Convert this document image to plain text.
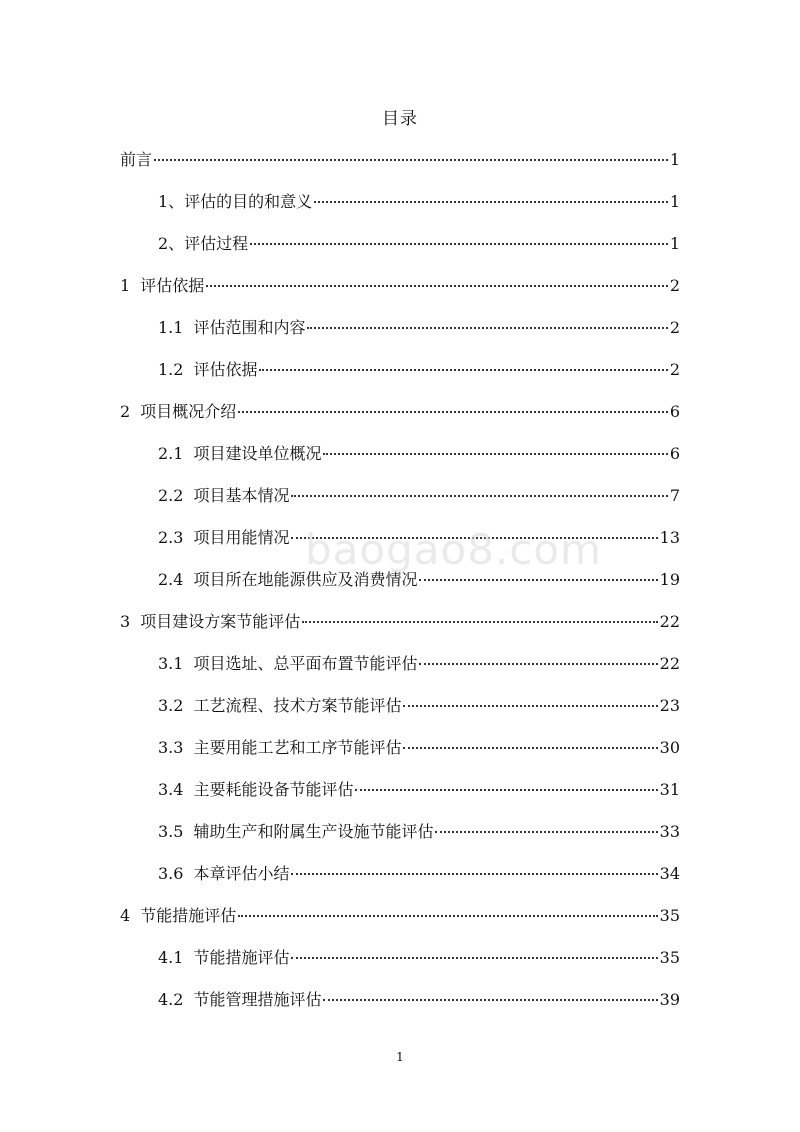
目录
前言	1
1、评估的目的和意义	1
2、评估过程	1
1 评估依据	2
1.1 评估范围和内容	2
1.2 评估依据	2
2 项目概况介绍	6
2.1 项目建设单位概况	6
2.2 项目基本情况	7
2.3 项目用能情况	13
2.4 项目所在地能源供应及消费情况	19
3 项目建设方案节能评估	22
3.1 项目选址、总平面布置节能评估	22
3.2 工艺流程、技术方案节能评估	23
3.3 主要用能工艺和工序节能评估	30
3.4 主要耗能设备节能评估	31
3.5 辅助生产和附属生产设施节能评估	33
3.6 本章评估小结	34
4 节能措施评估	35
4.1 节能措施评估	35
4.2 节能管理措施评估	39
baogao8.com
1
